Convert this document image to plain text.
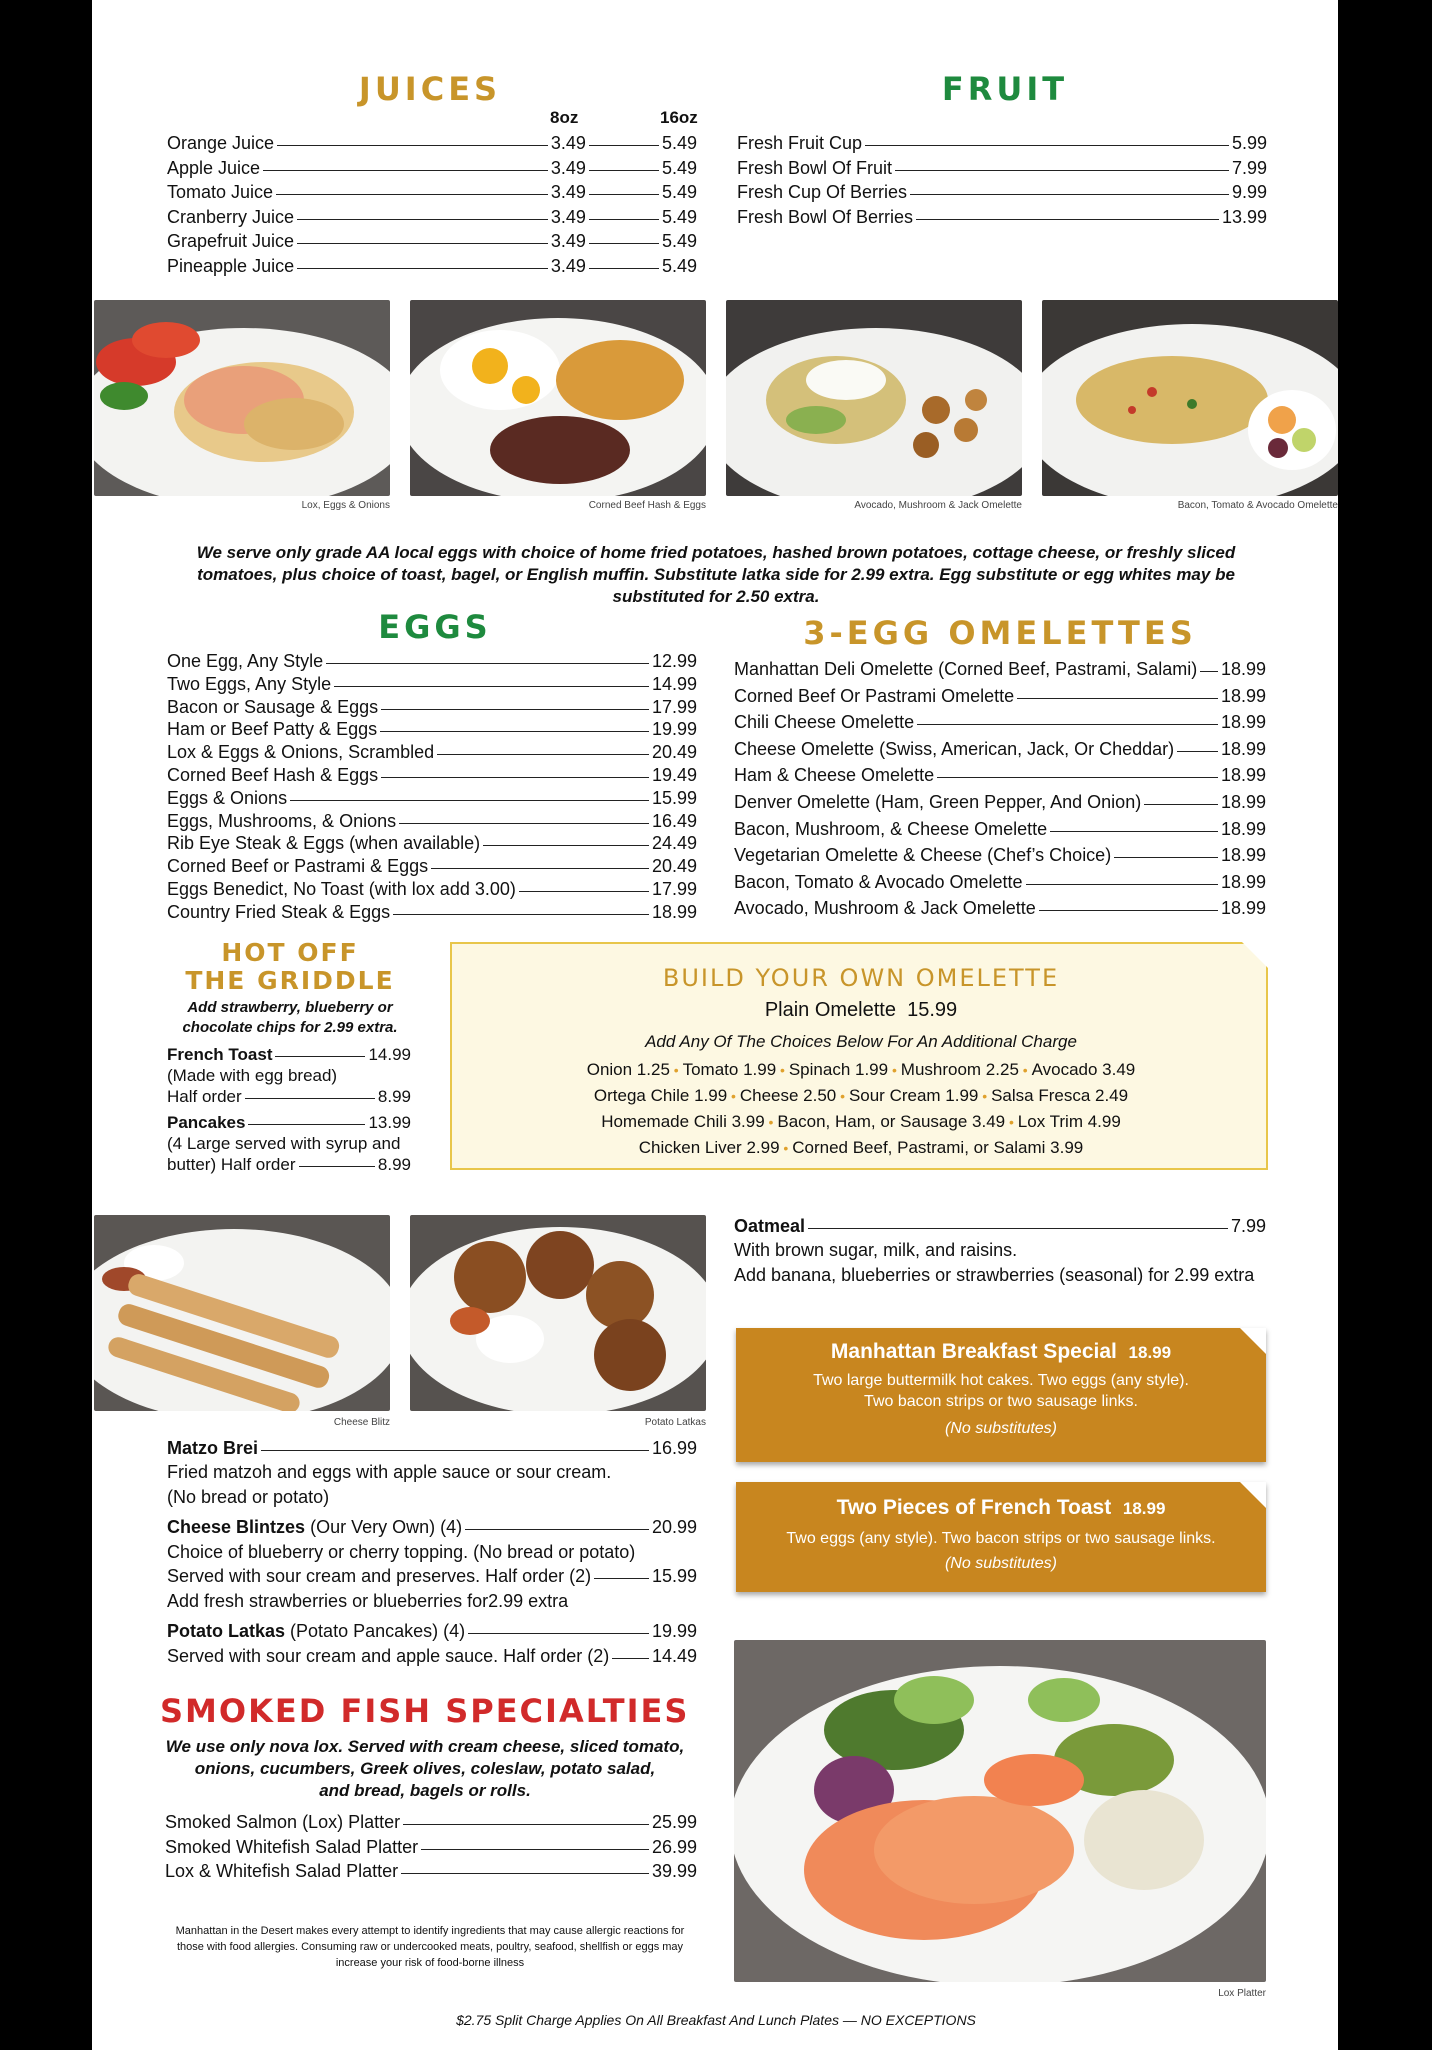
JUICES
8oz	16oz
Orange Juice	3.49	5.49
Apple Juice	3.49	5.49
Tomato Juice	3.49	5.49
Cranberry Juice	3.49	5.49
Grapefruit Juice	3.49	5.49
Pineapple Juice	3.49	5.49
FRUIT
Fresh Fruit Cup	5.99
Fresh Bowl Of Fruit	7.99
Fresh Cup Of Berries	9.99
Fresh Bowl Of Berries	13.99
Lox, Eggs & Onions	Corned Beef Hash & Eggs	Avocado, Mushroom & Jack Omelette	Bacon, Tomato & Avocado Omelette
We serve only grade AA local eggs with choice of home fried potatoes, hashed brown potatoes, cottage cheese, or freshly sliced tomatoes, plus choice of toast, bagel, or English muffin. Substitute latka side for 2.99 extra. Egg substitute or egg whites may be substituted for 2.50 extra.
EGGS
One Egg, Any Style	12.99
Two Eggs, Any Style	14.99
Bacon or Sausage & Eggs	17.99
Ham or Beef Patty & Eggs	19.99
Lox & Eggs & Onions, Scrambled	20.49
Corned Beef Hash & Eggs	19.49
Eggs & Onions	15.99
Eggs, Mushrooms, & Onions	16.49
Rib Eye Steak & Eggs (when available)	24.49
Corned Beef or Pastrami & Eggs	20.49
Eggs Benedict, No Toast (with lox add 3.00)	17.99
Country Fried Steak & Eggs	18.99
3-EGG OMELETTES
Manhattan Deli Omelette (Corned Beef, Pastrami, Salami) 18.99
Corned Beef Or Pastrami Omelette	18.99
Chili Cheese Omelette	18.99
Cheese Omelette (Swiss, American, Jack, Or Cheddar)	18.99
Ham & Cheese Omelette	18.99
Denver Omelette (Ham, Green Pepper, And Onion)	18.99
Bacon, Mushroom, & Cheese Omelette	18.99
Vegetarian Omelette & Cheese (Chef’s Choice)	18.99
Bacon, Tomato & Avocado Omelette	18.99
Avocado, Mushroom & Jack Omelette	18.99
HOT OFF
THE GRIDDLE
Add strawberry, blueberry or
chocolate chips for 2.99 extra.
French Toast	14.99
(Made with egg bread)
Half order	8.99
Pancakes	13.99
(4 Large served with syrup and
butter) Half order	8.99
BUILD YOUR OWN OMELETTE
Plain Omelette 15.99
Add Any Of The Choices Below For An Additional Charge
Onion 1.25 • Tomato 1.99 • Spinach 1.99 • Mushroom 2.25 • Avocado 3.49
Ortega Chile 1.99 • Cheese 2.50 • Sour Cream 1.99 • Salsa Fresca 2.49
Homemade Chili 3.99 • Bacon, Ham, or Sausage 3.49 • Lox Trim 4.99
Chicken Liver 2.99 • Corned Beef, Pastrami, or Salami 3.99
Cheese Blitz	Potato Latkas
Oatmeal	7.99
With brown sugar, milk, and raisins.
Add banana, blueberries or strawberries (seasonal) for 2.99 extra
Manhattan Breakfast Special 18.99
Two large buttermilk hot cakes. Two eggs (any style).
Two bacon strips or two sausage links.
(No substitutes)
Two Pieces of French Toast 18.99
Two eggs (any style). Two bacon strips or two sausage links.
(No substitutes)
Matzo Brei	16.99
Fried matzoh and eggs with apple sauce or sour cream.
(No bread or potato)
Cheese Blintzes (Our Very Own) (4)	20.99
Choice of blueberry or cherry topping. (No bread or potato)
Served with sour cream and preserves. Half order (2)	15.99
Add fresh strawberries or blueberries for2.99 extra
Potato Latkas (Potato Pancakes) (4)	19.99
Served with sour cream and apple sauce. Half order (2) 14.49
SMOKED FISH SPECIALTIES
We use only nova lox. Served with cream cheese, sliced tomato,
onions, cucumbers, Greek olives, coleslaw, potato salad,
and bread, bagels or rolls.
Smoked Salmon (Lox) Platter	25.99
Smoked Whitefish Salad Platter	26.99
Lox & Whitefish Salad Platter	39.99
Manhattan in the Desert makes every attempt to identify ingredients that may cause allergic reactions for
those with food allergies. Consuming raw or undercooked meats, poultry, seafood, shellfish or eggs may
increase your risk of food-borne illness
Lox Platter
$2.75 Split Charge Applies On All Breakfast And Lunch Plates — NO EXCEPTIONS
